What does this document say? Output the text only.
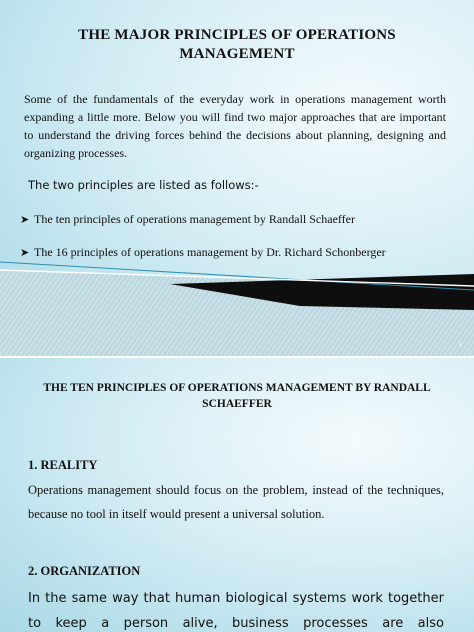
THE MAJOR PRINCIPLES OF OPERATIONS MANAGEMENT
Some of the fundamentals of the everyday work in operations management worth expanding a little more. Below you will find two major approaches that are important to understand the driving forces behind the decisions about planning, designing and organizing processes.
The two principles are listed as follows:-
➤ The ten principles of operations management by Randall Schaeffer
➤ The 16 principles of operations management by Dr. Richard Schonberger
1
THE TEN PRINCIPLES OF OPERATIONS MANAGEMENT BY RANDALL SCHAEFFER
1. REALITY
Operations management should focus on the problem, instead of the techniques, because no tool in itself would present a universal solution.
2. ORGANIZATION
In the same way that human biological systems work together to keep a person alive, business processes are also
